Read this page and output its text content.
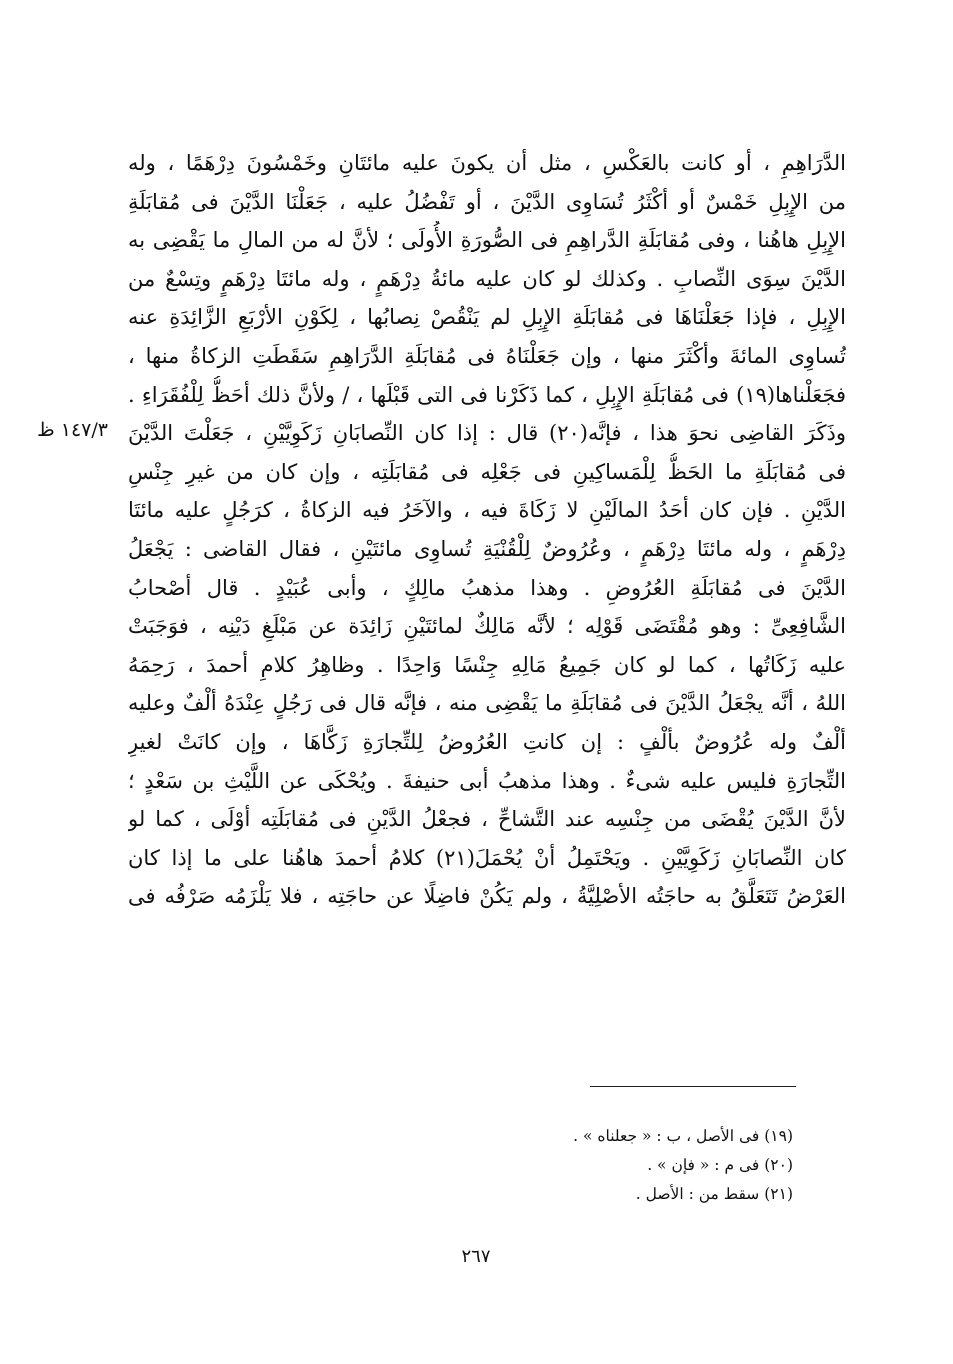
١٤٧/٣ ظ
الدَّرَاهِمِ ، أو كانت بالعَكْسِ ، مثل أن يكونَ عليه مائتَانِ وخَمْسُونَ دِرْهَمًا ، وله
من الإِبِلِ خَمْسٌ أو أكْثَرُ تُسَاوِى الدَّيْنَ ، أو تَفْضُلُ عليه ، جَعَلْنَا الدَّيْنَ فى مُقابَلَةِ
الإِبِلِ هاهُنا ، وفى مُقابَلَةِ الدَّراهِمِ فى الصُّورَةِ الأُولَى ؛ لأنَّ له من المالِ ما يَقْضِى به
الدَّيْنَ سِوَى النِّصابِ . وكذلك لو كان عليه مائةُ دِرْهَمٍ ، وله مائتَا دِرْهَمٍ وتِسْعٌ من
الإِبِلِ ، فإذا جَعَلْنَاهَا فى مُقابَلَةِ الإِبِلِ لم يَنْقُصْ نِصابُها ، لِكَوْنِ الأرْبَعِ الزَّائِدَةِ عنه
تُساوِى المائةَ وأكْثَرَ منها ، وإن جَعَلْنَاهُ فى مُقابَلَةِ الدَّرَاهِمِ سَقَطَتِ الزكاةُ منها ،
فجَعَلْناها(١٩) فى مُقابَلَةِ الإِبِلِ ، كما ذَكَرْنا فى التى قَبْلَها ، / ولأنَّ ذلك أحَظُّ لِلْفُقَرَاءِ .
وذَكَرَ القاضِى نحوَ هذا ، فإنَّه(٢٠) قال : إذا كان النِّصابَانِ زَكَوِيَّيْنِ ، جَعَلْتَ الدَّيْنَ
فى مُقابَلَةِ ما الحَظُّ لِلْمَساكِينِ فى جَعْلِه فى مُقابَلَتِه ، وإن كان من غيرِ جِنْسِ
الدَّيْنِ . فإن كان أحَدُ المالَيْنِ لا زَكَاةَ فيه ، والآخَرُ فيه الزكاةُ ، كرَجُلٍ عليه مائتَا
دِرْهَمٍ ، وله مائتَا دِرْهَمٍ ، وعُرُوضٌ لِلْقُنْيَةِ تُساوِى مائتَيْنِ ، فقال القاضى : يَجْعَلُ
الدَّيْنَ فى مُقابَلَةِ العُرُوضِ . وهذا مذهبُ مالِكٍ ، وأبى عُبَيْدٍ . قال أصْحابُ
الشَّافِعِىِّ : وهو مُقْتَضَى قَوْلِه ؛ لأنَّه مَالِكٌ لمائتَيْنِ زَائِدَة عن مَبْلَغِ دَيْنِه ، فوَجَبَتْ
عليه زَكَاتُها ، كما لو كان جَمِيعُ مَالِهِ جِنْسًا وَاحِدًا . وظاهِرُ كلامِ أحمدَ ، رَحِمَهُ
اللهُ ، أنَّه يجْعَلُ الدَّيْنَ فى مُقابَلَةِ ما يَقْضِى منه ، فإنَّه قال فى رَجُلٍ عِنْدَهُ ألْفٌ وعليه
ألْفٌ وله عُرُوضٌ بألْفٍ : إن كانتِ العُرُوضُ لِلتِّجارَةِ زَكَّاهَا ، وإن كانَتْ لغيرِ
التِّجارَةِ فليس عليه شىءٌ . وهذا مذهبُ أبى حنيفةَ . ويُحْكَى عن اللَّيْثِ بن سَعْدٍ ؛
لأنَّ الدَّيْنَ يُقْضَى من جِنْسِه عند التَّشاحِّ ، فجعْلُ الدَّيْنِ فى مُقابَلَتِه أوْلَى ، كما لو
كان النِّصابَانِ زَكَوِيَّيْنِ . ويَحْتَمِلُ أنْ يُحْمَلَ(٢١) كلامُ أحمدَ هاهُنا على ما إذا كان
العَرْضُ تَتَعَلَّقُ به حاجَتُه الأصْلِيَّةُ ، ولم يَكُنْ فاضِلًا عن حاجَتِه ، فلا يَلْزَمُه صَرْفُه فى
(١٩) فى الأصل ، ب : « جعلناه » .
(٢٠) فى م : « فإن » .
(٢١) سقط من : الأصل .
٢٦٧
